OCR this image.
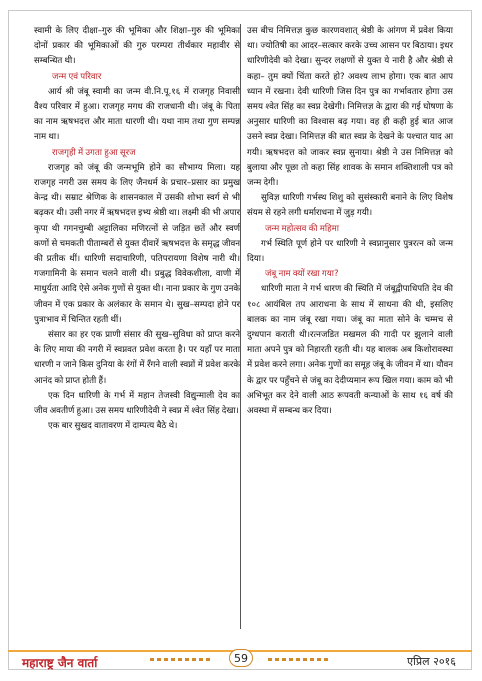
स्वामी के लिए दीक्षा–गुरु की भूमिका और शिक्षा–गुरु की भूमिका दोनों प्रकार की भूमिकाओं की गुरु परम्परा तीर्थंकार महावीर से सम्बन्धित थी।

जन्म एवं परिवार

आर्य श्री जंबू स्वामी का जन्म वी.नि.पू.१६ में राजगृह निवासी वैश्य परिवार में हुआ। राजगृह मगध की राजधानी थी। जंबू के पिता का नाम ऋषभदत्त और माता धारणी थी। यथा नाम तथा गुण सम्पन्न नाम था।

राजगृही में उगता हुआ सूरज

राजगृह को जंबू की जन्मभूमि होने का सौभाग्य मिला। यह राजगृह नगरी उस समय के लिए जैनधर्म के प्रचार–प्रसार का प्रमुख केन्द्र थी। सम्राट श्रेणिक के शासनकाल में उसकी शोभा स्वर्ग से भी बढ़कर थी। उसी नगर में ऋषभदत्त इभ्य श्रेष्ठी था। लक्ष्मी की भी अपार कृपा थी गगनचुम्बी अट्टालिका मणिरत्नों से जड़ित छतें और स्वर्ण कणों से चमकती पीताम्बरों से युक्त दीवारें ऋषभदत्त के समृद्ध जीवन की प्रतीक थीं। धारिणी सदाचारिणी, पतिपरायणा विशेष नारी थी। गजगामिनी के समान चलने वाली थी। प्रबुद्ध विवेकशीला, वाणी में माधुर्यता आदि ऐसे अनेक गुणों से युक्त थी। नाना प्रकार के गुण उनके जीवन में एक प्रकार के अलंकार के समान थे। सुख–सम्पदा होने पर पुत्राभाव में चिन्तित रहती थीं।

संसार का हर एक प्राणी संसार की सुख–सुविधा को प्राप्त करने के लिए माया की नगरी में स्वप्नवत प्रवेश करता है। पर यहाँ पर माता धारणी न जाने किस दुनिया के रंगों में रँगने वाली स्वप्नों में प्रवेश करके आनंद को प्राप्त होती हैं।

एक दिन धारिणी के गर्भ में महान तेजस्वी विद्युन्माली देव का जीव अवतीर्ण हुआ। उस समय धारिणीदेवी ने स्वप्न में श्वेत सिंह देखा।

एक बार सुखद वातावरण में दाम्पत्य बैठे थे।

उस बीच निमित्तज्ञ कुछ कारणवशात् श्रेष्ठी के आंगण में प्रवेश किया था। ज्योतिषी का आदर–सत्कार करके उच्च आसन पर बिठाया। इधर धारिणीदेवी को देखा। सुन्दर लक्षणों से युक्त ये नारी है और श्रेष्ठी से कहा– तुम क्यों चिंता करते हो? अवश्य लाभ होगा। एक बात आप ध्यान में रखना। देवी धारिणी जिस दिन पुत्र का गर्भावतार होगा उस समय श्वेत सिंह का स्वप्न देखेगी। निमित्तज्ञ के द्वारा की गई घोषणा के अनुसार धारिणी का विश्वास बढ़ गया। वह ही कही हुई बात आज उसने स्वप्न देखा। निमित्तज्ञ की बात स्वप्न के देखने के पश्चात याद आ गयी। ऋषभदत्त को जाकर स्वप्न सुनाया। श्रेष्ठी ने उस निमित्तज्ञ को बुलाया और पूछा तो कहा सिंह शावक के समान शक्तिशाली पत्र को जन्म देगी।

सुविज्ञ धारिणी गर्भस्थ शिशु को सुसंस्कारी बनाने के लिए विशेष संयम से रहने लगी धर्माराधना में जुड़ गयी।

जन्म महोत्सव की महिमा

गर्भ स्थिति पूर्ण होने पर धारिणी ने स्वप्नानुसार पुत्ररत्न को जन्म दिया।

जंबू नाम क्यों रखा गया?

धारिणी माता ने गर्भ धारण की स्थिति में जंबूद्वीपाधिपति देव की १०८ आयंबिल तप आराधना के साथ में साधना की थी, इसलिए बालक का नाम जंबू रखा गया। जंबू का माता सोने के चम्मच से दुग्धपान कराती थी।रत्नजडित मखमल की गादी पर झुलाने वाली माता अपने पुत्र को निहारती रहती थी। यह बालक अब किशोरावस्था में प्रवेश करने लगा। अनेक गुणों का समूह जंबू के जीवन में था। यौवन के द्वार पर पहुँचने से जंबू का देदीप्यमान रूप खिल गया। काम को भी अभिभूत कर देने वाली आठ रूपवती कन्याओं के साथ १६ वर्ष की अवस्था में सम्बन्ध कर दिया।

महाराष्ट्र जैन वार्ता	59	एप्रिल २०१६
